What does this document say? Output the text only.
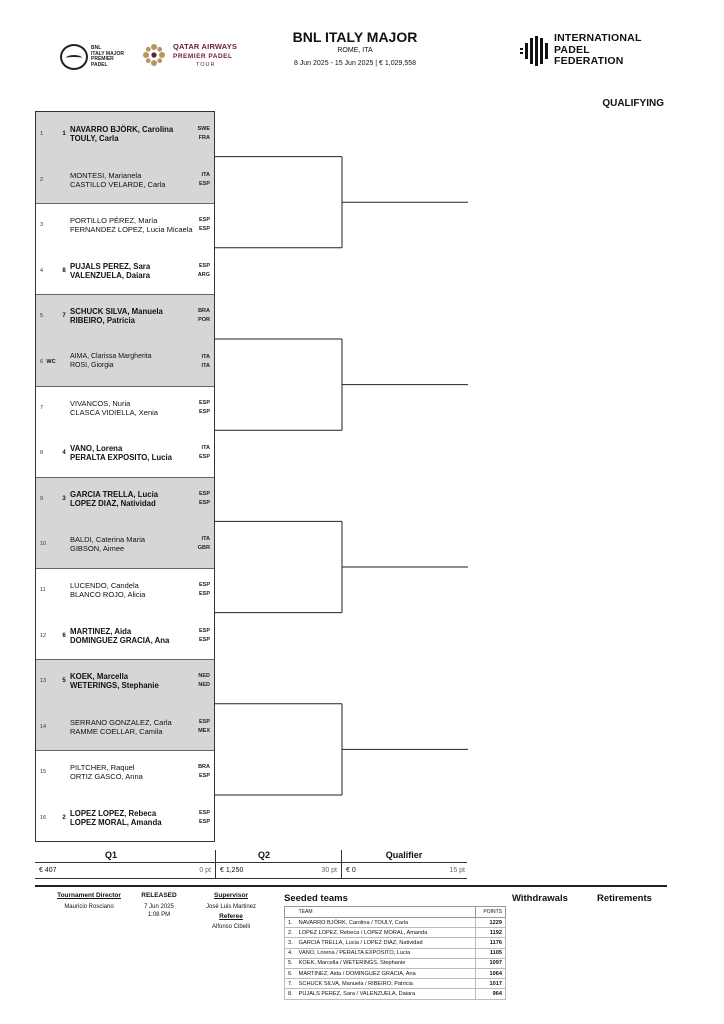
BNL
ITALY MAJOR
PREMIER
PADEL
QATAR AIRWAYS
PREMIER PADEL
TOUR
BNL ITALY MAJOR
ROME, ITA
8 Jun 2025 - 15 Jun 2025 | € 1,029,558
INTERNATIONAL
PADEL
FEDERATION
QUALIFYING
1	1 NAVARRO BJÖRK, Carolina	SWE
TOULY, Carla	FRA
2	MONTESI, Marianela	ITA
CASTILLO VELARDE, Carla	ESP
3	PORTILLO PÉREZ, María	ESP
FERNANDEZ LOPEZ, Lucia Micaela ESP
4	8 PUJALS PEREZ, Sara	ESP
VALENZUELA, Daiara	ARG
5	7 SCHUCK SILVA, Manuela	BRA
RIBEIRO, Patricia	POR
6 WC
AIMA, Clarissa Margherita	ITA
ROSI, Giorgia	ITA
7	VIVANCOS, Nuria	ESP
CLASCA VIDIELLA, Xenia	ESP
8	4 VANO, Lorena	ITA
PERALTA EXPOSITO, Lucia	ESP
9	3 GARCIA TRELLA, Lucia	ESP
LOPEZ DIAZ, Natividad	ESP
10	BALDI, Caterina Maria	ITA
GIBSON, Aimee	GBR
11	LUCENDO, Candela	ESP
BLANCO ROJO, Alicia	ESP
12	6 MARTINEZ, Aida	ESP
DOMINGUEZ GRACIA, Ana	ESP
13	5 KOEK, Marcella	NED
WETERINGS, Stephanie	NED
14	SERRANO GONZALEZ, Carla	ESP
RAMME COELLAR, Camila	MEX
15	PILTCHER, Raquel	BRA
ORTIZ GASCO, Anna	ESP
16	2 LOPEZ LOPEZ, Rebeca	ESP
LOPEZ MORAL, Amanda	ESP
Q1	Q2	Qualifier
€ 407	0 pt € 1,250	30 pt € 0	15 pt
Tournament Director
Mauricio Rosciano
RELEASED
7 Jun 2025
1:08 PM
Supervisor
José Luis Martinez
Referee
Alfonso Cibelli
Seeded teams
	TEAM	POINTS
1.	NAVARRO BJÖRK, Carolina / TOULY, Carla	1229
2.	LOPEZ LOPEZ, Rebeca / LOPEZ MORAL, Amanda	1192
3.	GARCIA TRELLA, Lucia / LOPEZ DIAZ, Natividad	1176
4.	VANO, Lorena / PERALTA EXPOSITO, Lucia	1105
5.	KOEK, Marcella / WETERINGS, Stephanie	1097
6.	MARTINEZ, Aida / DOMINGUEZ GRACIA, Ana	1064
7.	SCHUCK SILVA, Manuela / RIBEIRO, Patricia	1017
8.	PUJALS PEREZ, Sara / VALENZUELA, Daiara	964
Withdrawals	Retirements
